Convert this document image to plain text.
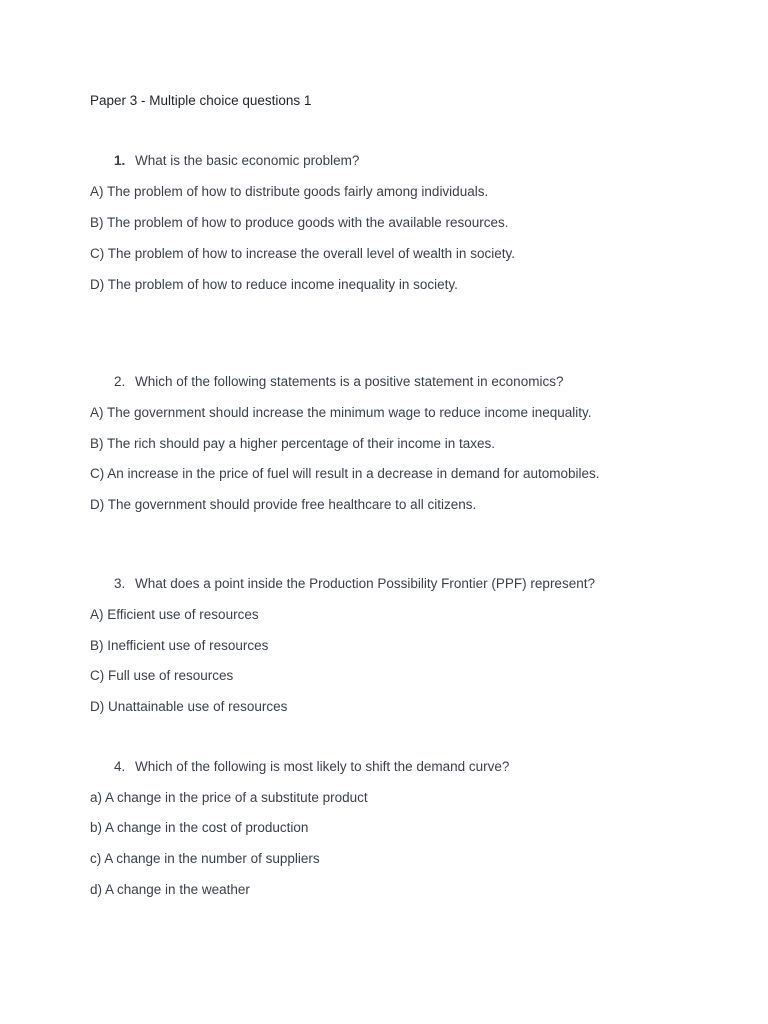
Paper 3 - Multiple choice questions 1
1. What is the basic economic problem?
A) The problem of how to distribute goods fairly among individuals.
B) The problem of how to produce goods with the available resources.
C) The problem of how to increase the overall level of wealth in society.
D) The problem of how to reduce income inequality in society.
2. Which of the following statements is a positive statement in economics?
A) The government should increase the minimum wage to reduce income inequality.
B) The rich should pay a higher percentage of their income in taxes.
C) An increase in the price of fuel will result in a decrease in demand for automobiles.
D) The government should provide free healthcare to all citizens.
3. What does a point inside the Production Possibility Frontier (PPF) represent?
A) Efficient use of resources
B) Inefficient use of resources
C) Full use of resources
D) Unattainable use of resources
4. Which of the following is most likely to shift the demand curve?
a) A change in the price of a substitute product
b) A change in the cost of production
c) A change in the number of suppliers
d) A change in the weather
